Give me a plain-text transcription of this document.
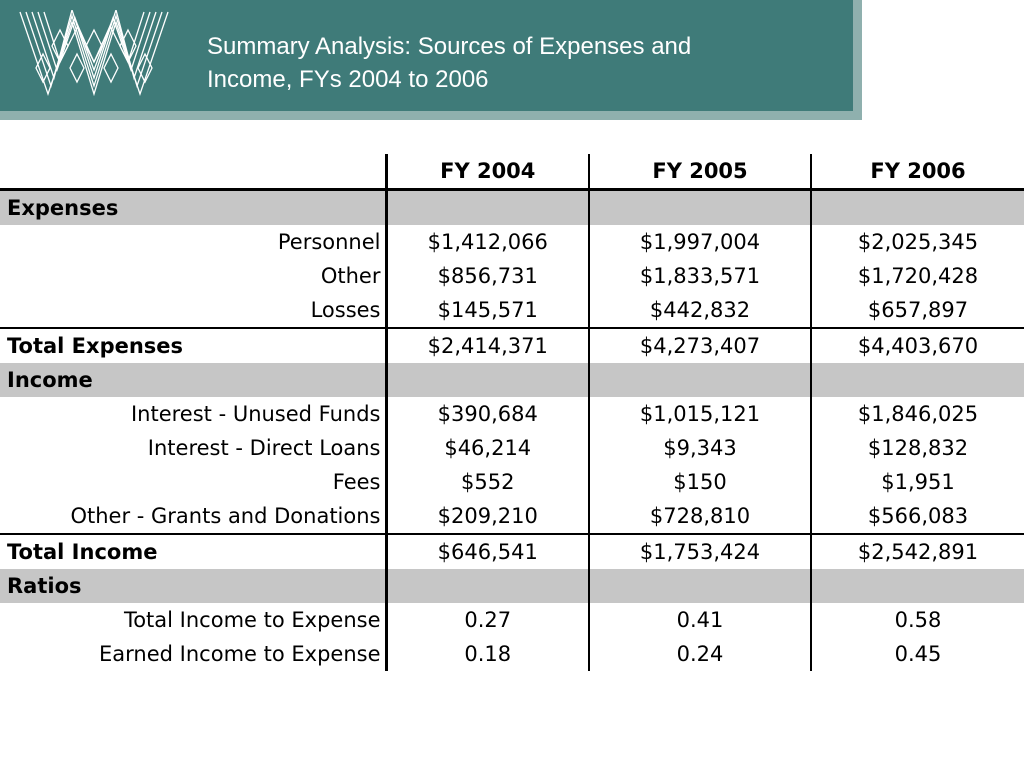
Summary Analysis: Sources of Expenses and
Income, FYs 2004 to 2006
	FY 2004	FY 2005	FY 2006
Expenses			
Personnel	$1,412,066	$1,997,004	$2,025,345
Other	$856,731	$1,833,571	$1,720,428
Losses	$145,571	$442,832	$657,897
Total Expenses	$2,414,371	$4,273,407	$4,403,670
Income			
Interest - Unused Funds	$390,684	$1,015,121	$1,846,025
Interest - Direct Loans	$46,214	$9,343	$128,832
Fees	$552	$150	$1,951
Other - Grants and Donations	$209,210	$728,810	$566,083
Total Income	$646,541	$1,753,424	$2,542,891
Ratios			
Total Income to Expense	0.27	0.41	0.58
Earned Income to Expense	0.18	0.24	0.45
